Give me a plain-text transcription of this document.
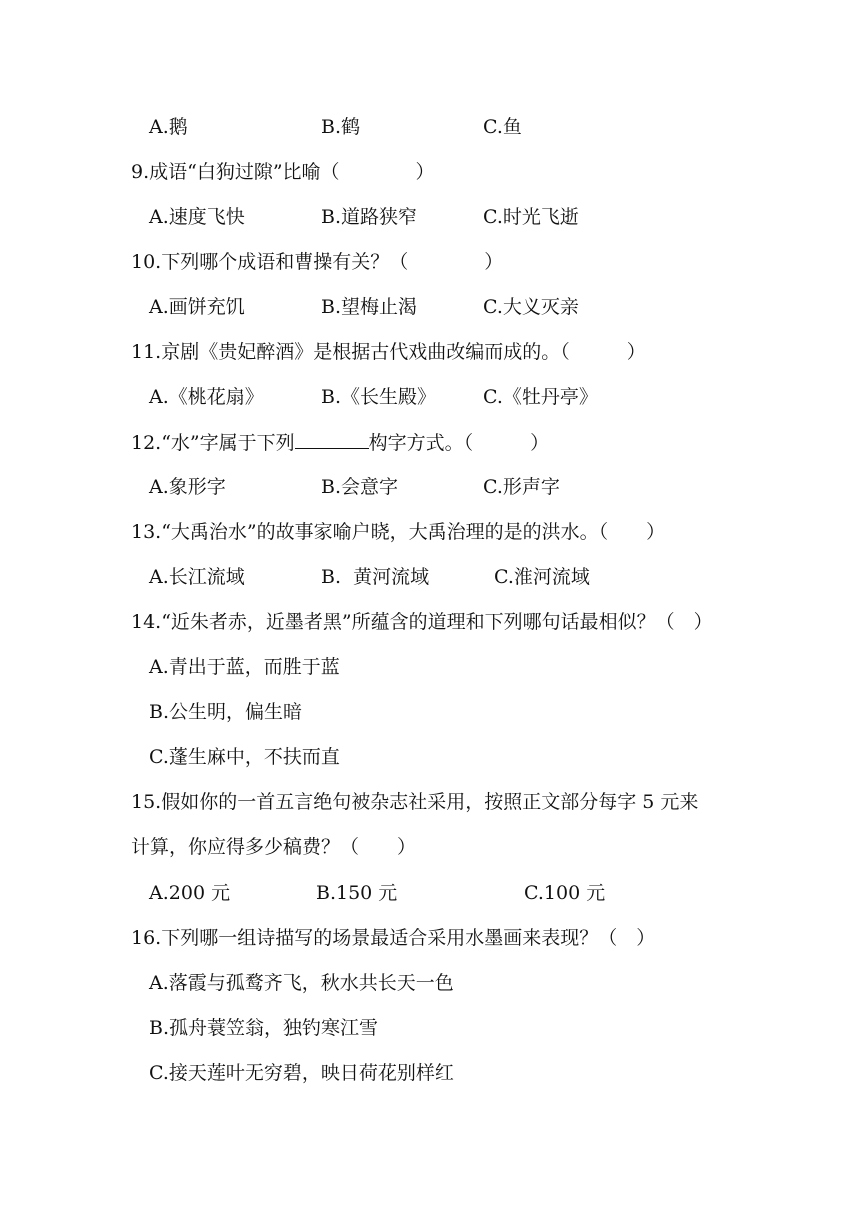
A.鹅	B.鹤	C.鱼
9.成语“白狗过隙”比喻（　　　　）
A.速度飞快	B.道路狭窄	C.时光飞逝
10.下列哪个成语和曹操有关？（　　　　）
A.画饼充饥	B.望梅止渴	C.大义灭亲
11.京剧《贵妃醉酒》是根据古代戏曲改编而成的。（　　　）
A.《桃花扇》	B.《长生殿》 C.《牡丹亭》
12.“水”字属于下列	构字方式。（　　　）
A.象形字	B.会意字	C.形声字
13.“大禹治水”的故事家喻户晓，大禹治理的是的洪水。（　　）
A.长江流域	B.  黄河流域	C.淮河流域
14.“近朱者赤，近墨者黑”所蕴含的道理和下列哪句话最相似？（　）
A.青出于蓝，而胜于蓝
B.公生明，偏生暗
C.蓬生麻中，不扶而直
15.假如你的一首五言绝句被杂志社采用，按照正文部分每字 5 元来
计算，你应得多少稿费？（　　）
A.200 元	B.150 元	C.100 元
16.下列哪一组诗描写的场景最适合采用水墨画来表现？（　）
A.落霞与孤鹜齐飞，秋水共长天一色
B.孤舟蓑笠翁，独钓寒江雪
C.接天莲叶无穷碧，映日荷花别样红
